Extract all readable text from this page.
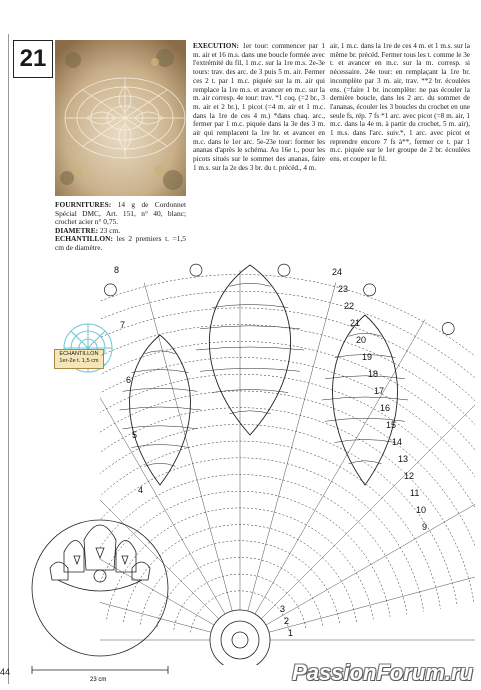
21
FOURNITURES: 14 g de Cordonnet Spécial DMC, Art. 151, n° 40, blanc; crochet acier n° 0,75.
DIAMETRE: 23 cm.
ECHANTILLON: les 2 premiers t. =1,5 cm de diamètre.
EXECUTION: 1er tour: commencer par 1 m. air et 16 m.s. dans une boucle formée avec l'extrémité du fil, 1 m.c. sur la 1re m.s. 2e-3e tours: trav. des arc. de 3 puis 5 m. air. Fermer ces 2 t. par 1 m.c. piquée sur la m. air qui remplace la 1re m.s. et avancer en m.c. sur la m. air corresp. 4e tour: trav. *1 coq. (=2 br., 3 m. air et 2 br.), 1 picot (=4 m. air et 1 m.c. dans la 1re de ces 4 m.) *dans chaq. arc., fermer par 1 m.c. piquée dans la 3e des 3 m. air qui remplacent la 1re br. et avancer en m.c. dans le 1er arc. 5e-23e tour: former les ananas d'après le schéma. Au 16e t., pour les picots situés sur le sommet des ananas, faire 1 m.s. sur la 2e des 3 br. du t. précéd., 4 m.
air, 1 m.c. dans la 1re de ces 4 m. et 1 m.s. sur la même br. précéd. Fermer tous les t. comme le 3e t. et avancer en m.c. sur la m. corresp. si nécessaire. 24e tour: en remplaçant la 1re br. incomplète par 3 m. air, trav. **2 br. écoulées ens. (=faire 1 br. incomplète: ne pas écouler la dernière boucle, dans les 2 arc. du sommet de l'ananas, écouler les 3 boucles du crochet en une seule fs, rép. 7 fs *1 arc. avec picot (=8 m. air, 1 m.c. dans la 4e m. à partir du crochet, 5 m. air), 1 m.s. dans l'arc. suiv.*, 1 arc. avec picot et reprendre encore 7 fs à**, fermer ce t. par 1 m.c. piquée sur le 1er groupe de 2 br. écoulées ens. et couper le fil.
ECHANTILLON
1er-2e t. 1,5 cm
24
23
22
21
20
19
18
17
16
15
14
13
12
11
10
9
8
7
6
5
4
3
2
1
23 cm
44	PassionForum.ru
